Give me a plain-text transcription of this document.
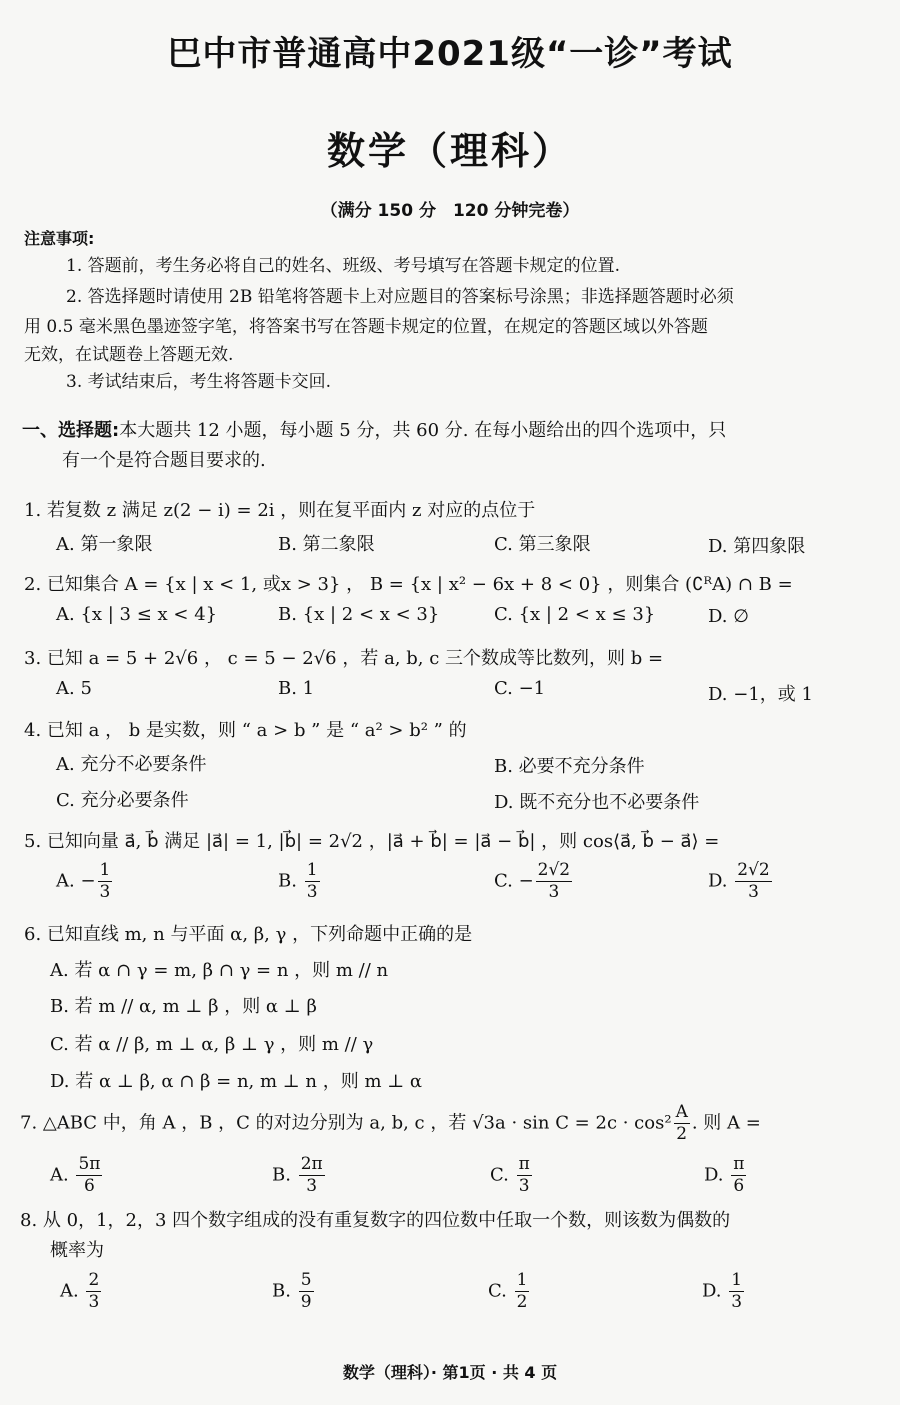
巴中市普通高中2021级“一诊”考试
数学（理科）
（满分 150 分　120 分钟完卷）
注意事项:
1. 答题前，考生务必将自己的姓名、班级、考号填写在答题卡规定的位置.
2. 答选择题时请使用 2B 铅笔将答题卡上对应题目的答案标号涂黑；非选择题答题时必须
用 0.5 毫米黑色墨迹签字笔，将答案书写在答题卡规定的位置，在规定的答题区域以外答题
无效，在试题卷上答题无效.
3. 考试结束后，考生将答题卡交回.
一、选择题:本大题共 12 小题，每小题 5 分，共 60 分. 在每小题给出的四个选项中，只
有一个是符合题目要求的.
1. 若复数 z 满足 z(2 − i) = 2i ，则在复平面内 z 对应的点位于
A. 第一象限	B. 第二象限	C. 第三象限	D. 第四象限
2. 已知集合 A = {x | x < 1, 或x > 3} ， B = {x | x² − 6x + 8 < 0} ，则集合 (∁ᴿA) ∩ B =
A. {x | 3 ≤ x < 4}	B. {x | 2 < x < 3}	C. {x | 2 < x ≤ 3}	D. ∅
3. 已知 a = 5 + 2√6 ， c = 5 − 2√6 ，若 a, b, c 三个数成等比数列，则 b =
A. 5	B. 1	C. −1	D. −1，或 1
4. 已知 a ， b 是实数，则 “ a > b ” 是 “ a² > b² ” 的
A. 充分不必要条件	B. 必要不充分条件
C. 充分必要条件	D. 既不充分也不必要条件
5. 已知向量 a⃗, b⃗ 满足 |a⃗| = 1, |b⃗| = 2√2 ，|a⃗ + b⃗| = |a⃗ − b⃗| ，则 cos⟨a⃗, b⃗ − a⃗⟩ =
A. − $\frac{1}{3}$	B. $\frac{1}{3}$	C. − $\frac{2√2}{3}$	D. $\frac{2√2}{3}$
6. 已知直线 m, n 与平面 α, β, γ ，下列命题中正确的是
A. 若 α ∩ γ = m, β ∩ γ = n ，则 m // n
B. 若 m // α, m ⊥ β ，则 α ⊥ β
C. 若 α // β, m ⊥ α, β ⊥ γ ，则 m // γ
D. 若 α ⊥ β, α ∩ β = n, m ⊥ n ，则 m ⊥ α
7. △ABC 中，角 A ，B ，C 的对边分别为 a, b, c ，若 $√3a \cdot \sin C = 2c \cdot \cos^2 \frac{A}{2}$ . 则 A =
A. $\frac{5\pi}{6}$	B. $\frac{2\pi}{3}$	C. $\frac{\pi}{3}$	D. $\frac{\pi}{6}$
8. 从 0，1，2，3 四个数字组成的没有重复数字的四位数中任取一个数，则该数为偶数的
概率为
A. $\frac{2}{3}$	B. $\frac{5}{9}$	C. $\frac{1}{2}$	D. $\frac{1}{3}$
数学（理科）· 第1页 · 共 4 页
